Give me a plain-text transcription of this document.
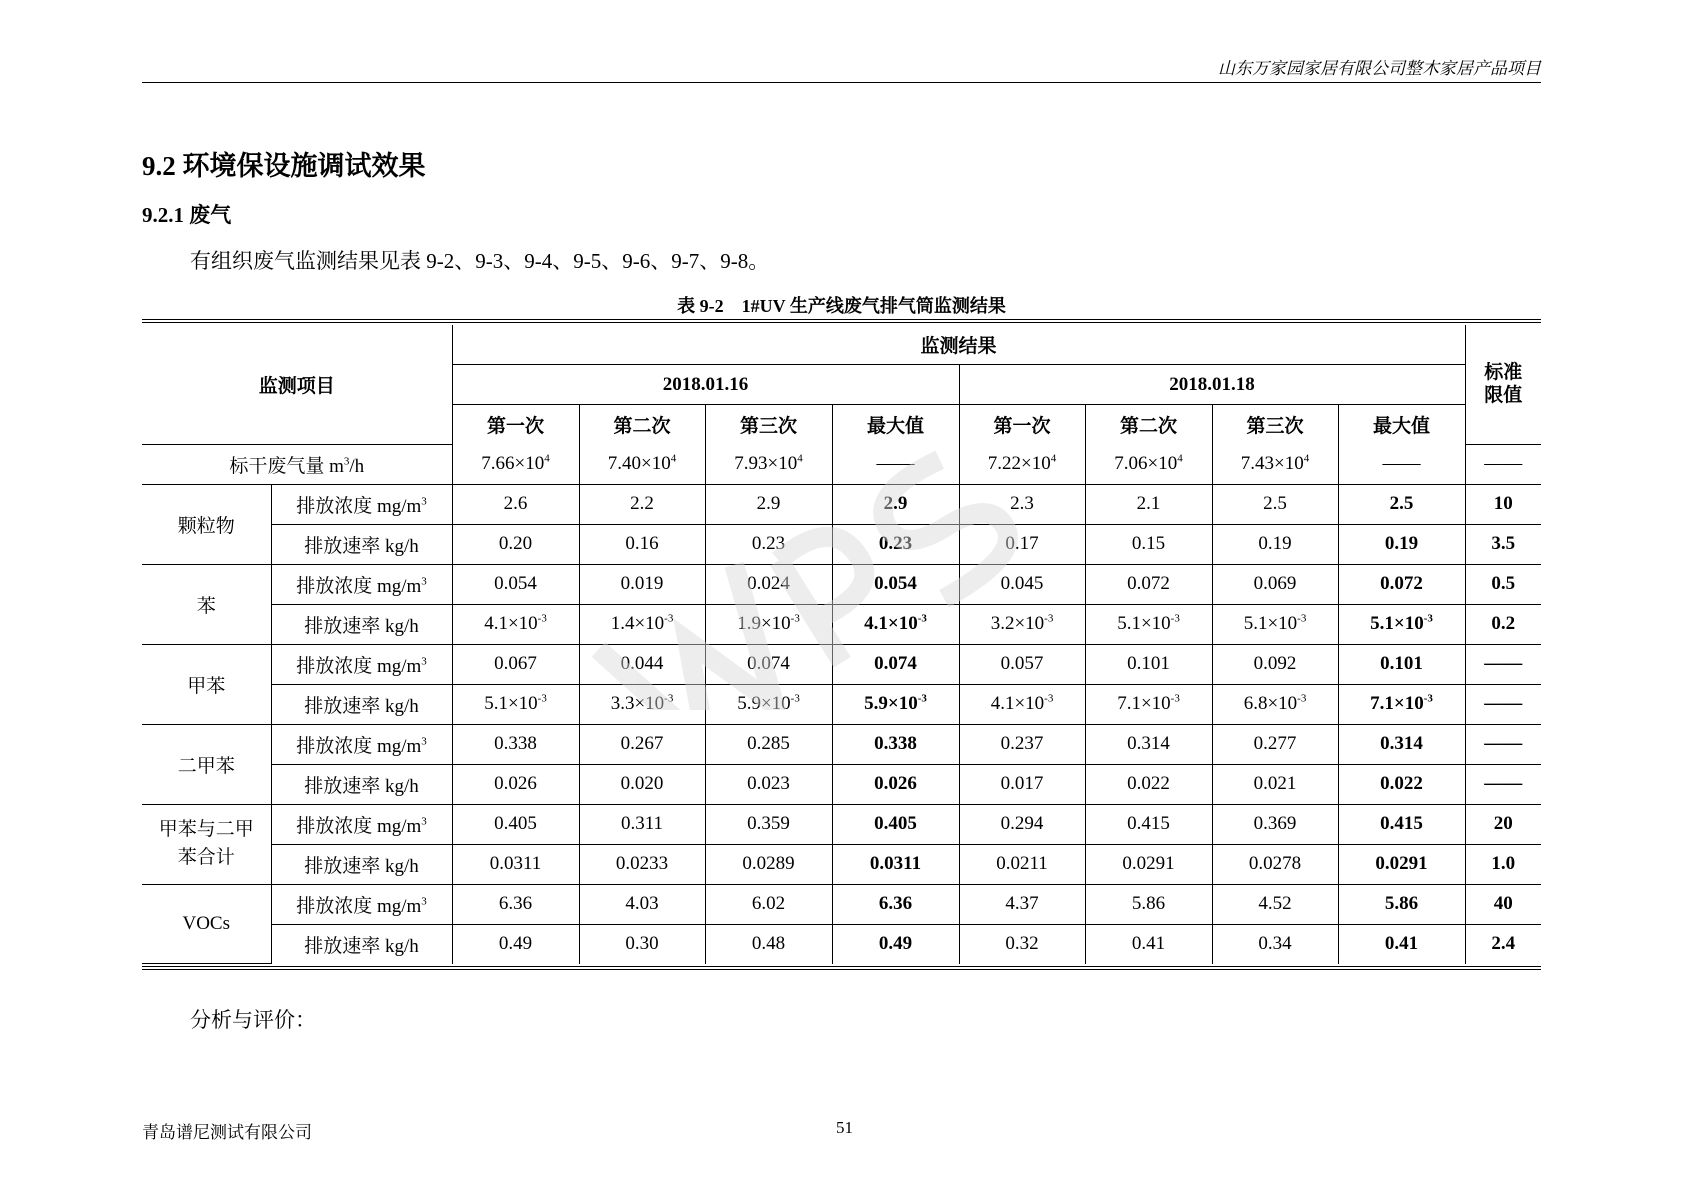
山东万家园家居有限公司整木家居产品项目
9.2 环境保设施调试效果
9.2.1 废气

有组织废气监测结果见表 9-2、9-3、9-4、9-5、9-6、9-7、9-8。

表 9-2　1#UV 生产线废气排气筒监测结果

监测项目		监测结果								标准限值
		2018.01.16				2018.01.18				
		第一次	第二次	第三次	最大值	第一次	第二次	第三次	最大值	
标干废气量 $m^3/h$		$7.66\times 10^4$	$7.40\times 10^4$	$7.93\times 10^4$	——	$7.22\times 10^4$	$7.06\times 10^4$	$7.43\times 10^4$	——	——
颗粒物	排放浓度 $mg/m^3$	2.6	2.2	2.9	2.9	2.3	2.1	2.5	2.5	10
	排放速率 kg/h	0.20	0.16	0.23	0.23	0.17	0.15	0.19	0.19	3.5
苯	排放浓度 $mg/m^3$	0.054	0.019	0.024	0.054	0.045	0.072	0.069	0.072	0.5
	排放速率 kg/h	$4.1\times 10^{-3}$	$1.4\times 10^{-3}$	$1.9\times 10^{-3}$	$4.1\times 10^{-3}$	$3.2\times 10^{-3}$	$5.1\times 10^{-3}$	$5.1\times 10^{-3}$	$5.1\times 10^{-3}$	0.2
甲苯	排放浓度 $mg/m^3$	0.067	0.044	0.074	0.074	0.057	0.101	0.092	0.101	——
	排放速率 kg/h	$5.1\times 10^{-3}$	$3.3\times 10^{-3}$	$5.9\times 10^{-3}$	$5.9\times 10^{-3}$	$4.1\times 10^{-3}$	$7.1\times 10^{-3}$	$6.8\times 10^{-3}$	$7.1\times 10^{-3}$	——
二甲苯	排放浓度 $mg/m^3$	0.338	0.267	0.285	0.338	0.237	0.314	0.277	0.314	——
	排放速率 kg/h	0.026	0.020	0.023	0.026	0.017	0.022	0.021	0.022	——
甲苯与二甲苯合计	排放浓度 $mg/m^3$	0.405	0.311	0.359	0.405	0.294	0.415	0.369	0.415	20
	排放速率 kg/h	0.0311	0.0233	0.0289	0.0311	0.0211	0.0291	0.0278	0.0291	1.0
VOCs	排放浓度 $mg/m^3$	6.36	4.03	6.02	6.36	4.37	5.86	4.52	5.86	40
	排放速率 kg/h	0.49	0.30	0.48	0.49	0.32	0.41	0.34	0.41	2.4

分析与评价：

青岛谱尼测试有限公司	51
